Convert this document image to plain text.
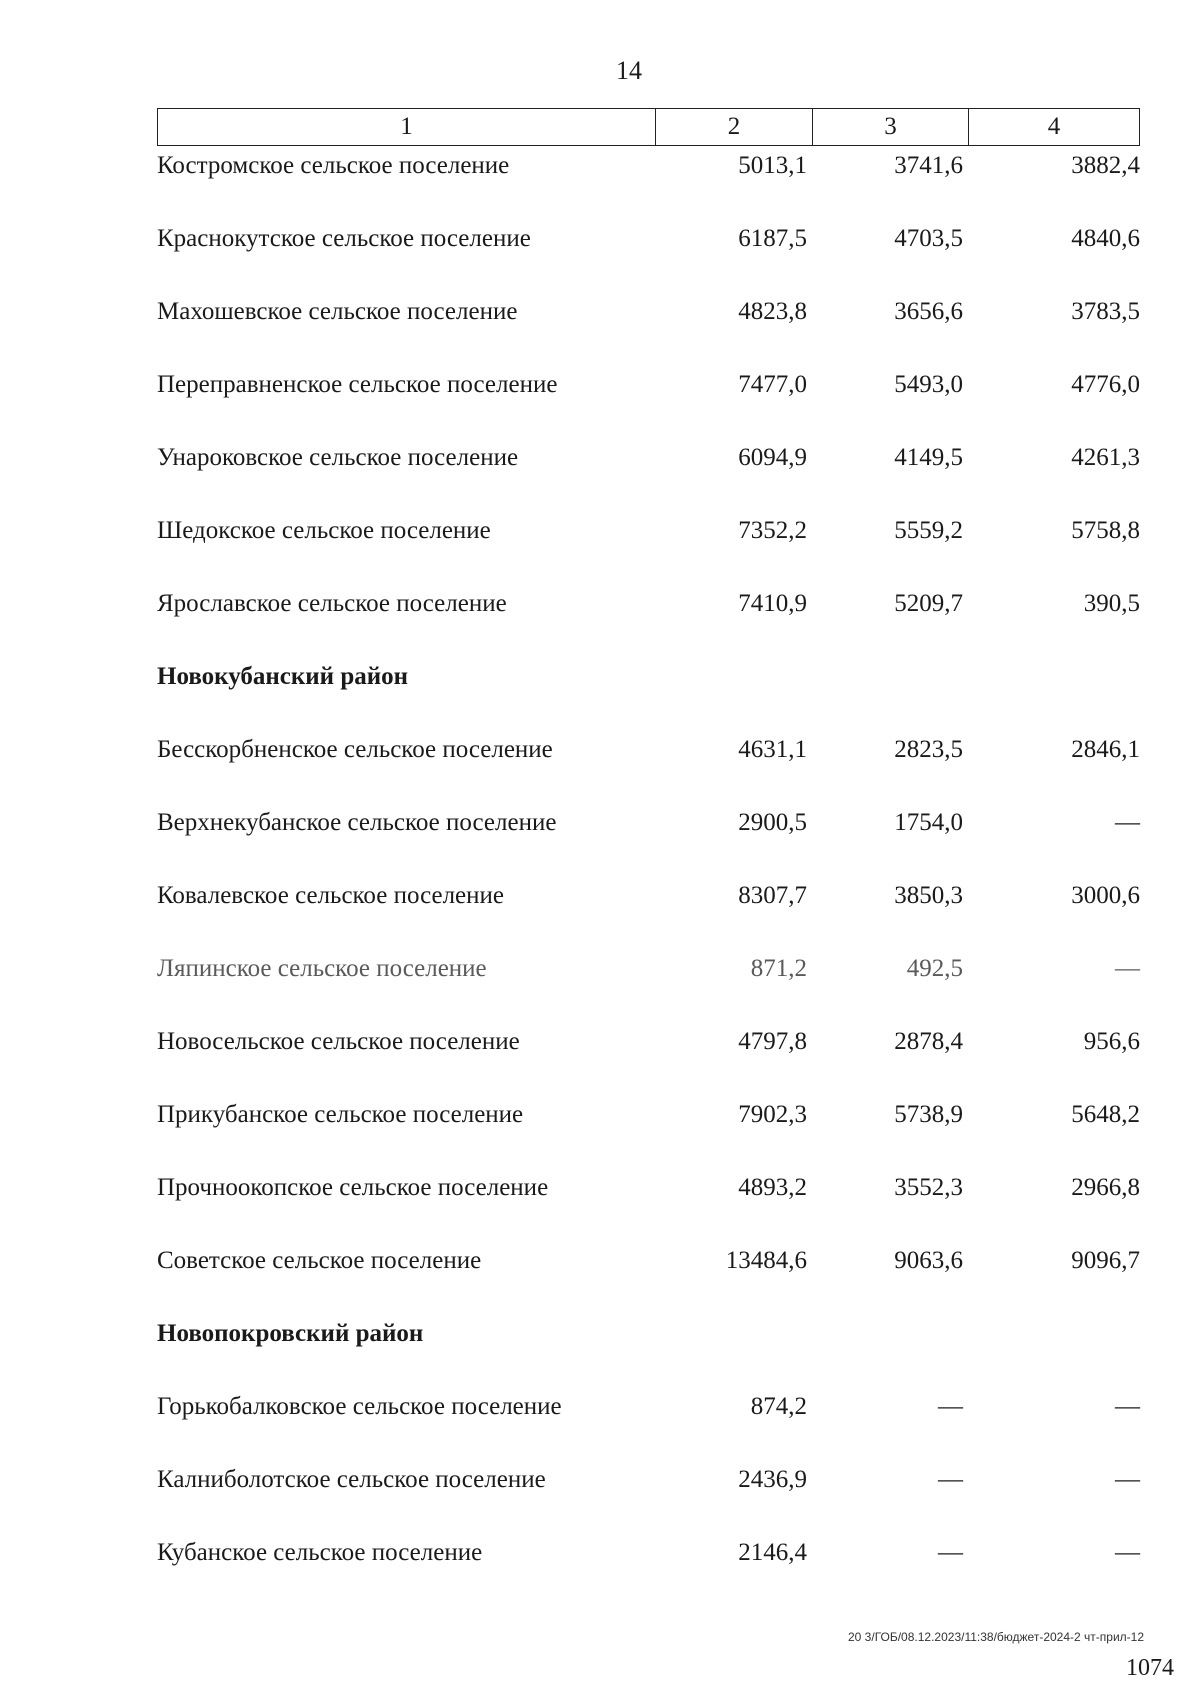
14
1	2	3	4
Костромское сельское поселение	5013,1	3741,6	3882,4
Краснокутское сельское поселение	6187,5	4703,5	4840,6
Махошевское сельское поселение	4823,8	3656,6	3783,5
Переправненское сельское поселение	7477,0	5493,0	4776,0
Унароковское сельское поселение	6094,9	4149,5	4261,3
Шедокское сельское поселение	7352,2	5559,2	5758,8
Ярославское сельское поселение	7410,9	5209,7	390,5
Новокубанский район
Бесскорбненское сельское поселение	4631,1	2823,5	2846,1
Верхнекубанское сельское поселение	2900,5	1754,0	—
Ковалевское сельское поселение	8307,7	3850,3	3000,6
Ляпинское сельское поселение	871,2	492,5	—
Новосельское сельское поселение	4797,8	2878,4	956,6
Прикубанское сельское поселение	7902,3	5738,9	5648,2
Прочноокопское сельское поселение	4893,2	3552,3	2966,8
Советское сельское поселение	13484,6	9063,6	9096,7
Новопокровский район
Горькобалковское сельское поселение	874,2	—	—
Калниболотское сельское поселение	2436,9	—	—
Кубанское сельское поселение	2146,4	—	—
20 3/ГОБ/08.12.2023/11:38/бюджет-2024-2 чт-прил-12
1074
